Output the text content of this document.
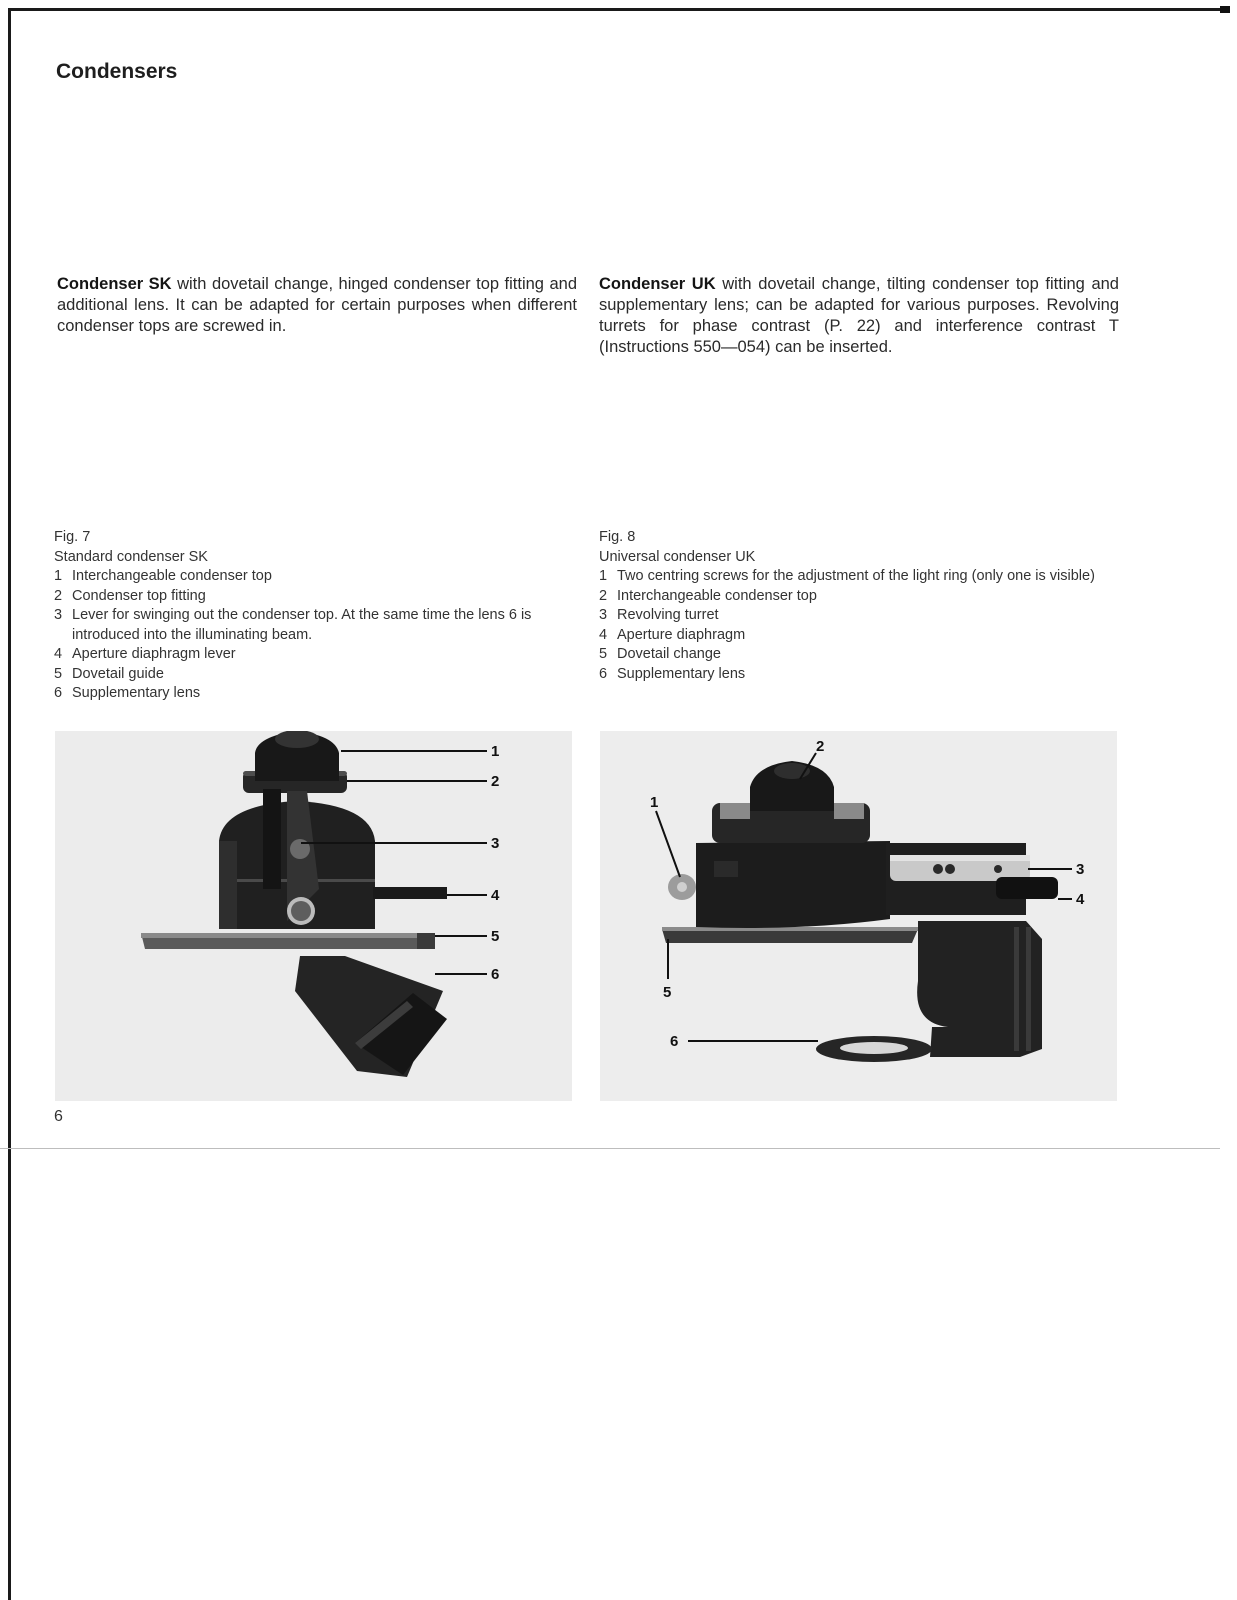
Condensers

Condenser SK with dovetail change, hinged condenser top fitting and additional lens. It can be adapted for certain purposes when different condenser tops are screwed in.

Condenser UK with dovetail change, tilting condenser top fitting and supplementary lens; can be adapted for various purposes. Revolving turrets for phase contrast (P. 22) and interference contrast T (Instructions 550—054) can be inserted.

Fig. 7
Standard condenser SK
1 Interchangeable condenser top
2 Condenser top fitting
3 Lever for swinging out the condenser top. At the same time the lens 6 is introduced into the illuminating beam.
4 Aperture diaphragm lever
5 Dovetail guide
6 Supplementary lens
Fig. 8
Universal condenser UK
1 Two centring screws for the adjustment of the light ring (only one is visible)
2 Interchangeable condenser top
3 Revolving turret
4 Aperture diaphragm
5 Dovetail change
6 Supplementary lens
1
2
3
4
5
6
2
1
3
4
5
6
6
